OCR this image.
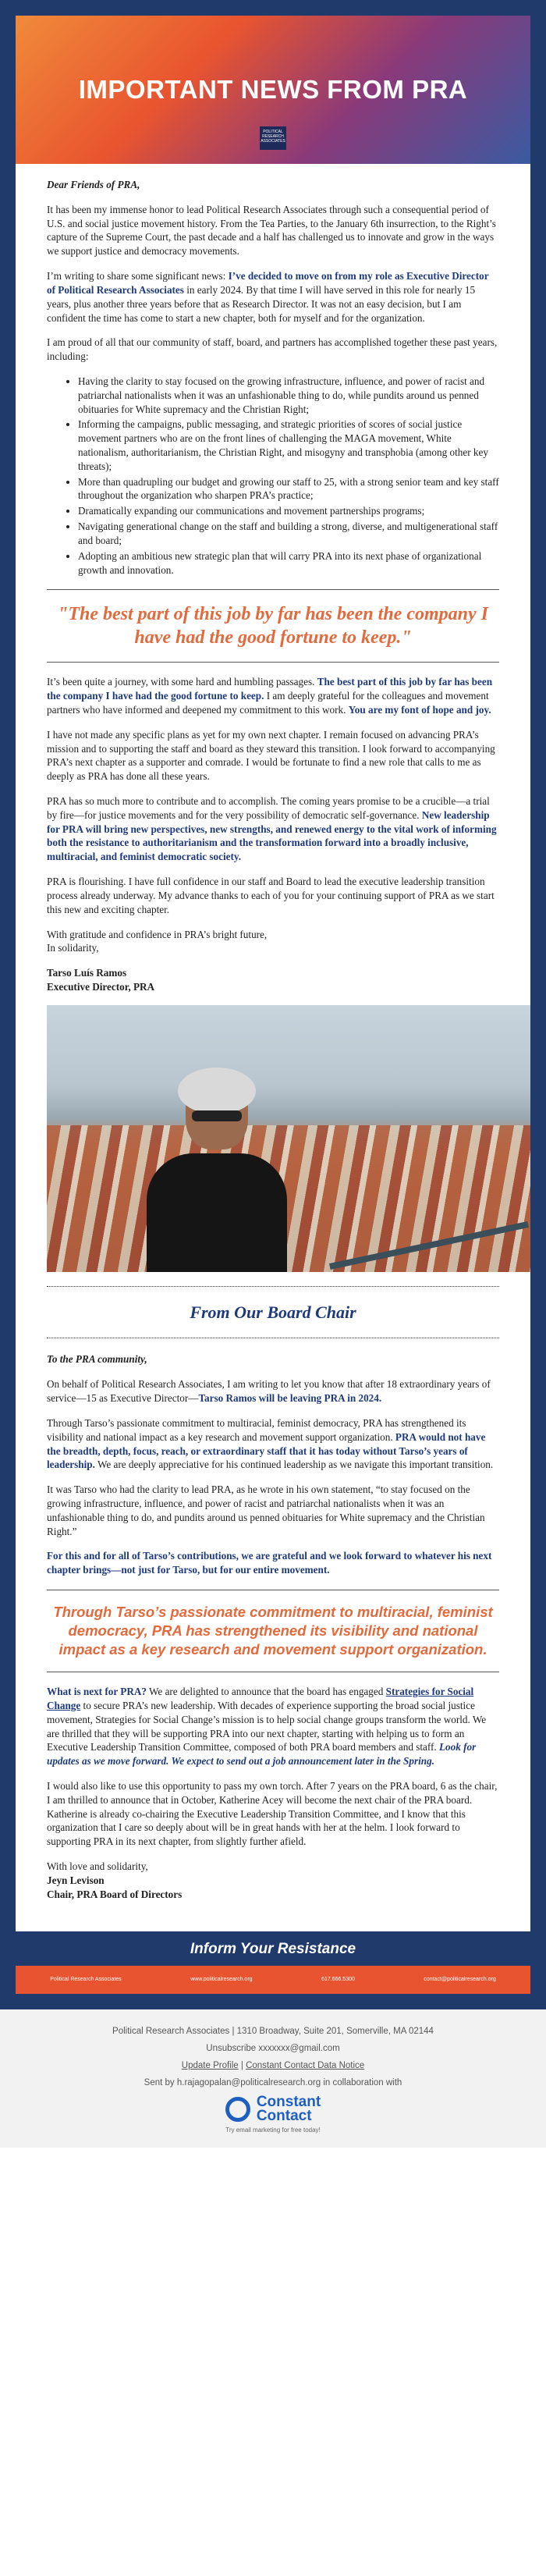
IMPORTANT NEWS FROM PRA
POLITICAL RESEARCH ASSOCIATES

Dear Friends of PRA,

It has been my immense honor to lead Political Research Associates through such a consequential period of U.S. and social justice movement history. From the Tea Parties, to the January 6th insurrection, to the Right’s capture of the Supreme Court, the past decade and a half has challenged us to innovate and grow in the ways we support justice and democracy movements.

I’m writing to share some significant news: I’ve decided to move on from my role as Executive Director of Political Research Associates in early 2024. By that time I will have served in this role for nearly 15 years, plus another three years before that as Research Director. It was not an easy decision, but I am confident the time has come to start a new chapter, both for myself and for the organization.

I am proud of all that our community of staff, board, and partners has accomplished together these past years, including:

• Having the clarity to stay focused on the growing infrastructure, influence, and power of racist and patriarchal nationalists when it was an unfashionable thing to do, while pundits around us penned obituaries for White supremacy and the Christian Right;
• Informing the campaigns, public messaging, and strategic priorities of scores of social justice movement partners who are on the front lines of challenging the MAGA movement, White nationalism, authoritarianism, the Christian Right, and misogyny and transphobia (among other key threats);
• More than quadrupling our budget and growing our staff to 25, with a strong senior team and key staff throughout the organization who sharpen PRA’s practice;
• Dramatically expanding our communications and movement partnerships programs;
• Navigating generational change on the staff and building a strong, diverse, and multigenerational staff and board;
• Adopting an ambitious new strategic plan that will carry PRA into its next phase of organizational growth and innovation.

"The best part of this job by far has been the company I have had the good fortune to keep."

It’s been quite a journey, with some hard and humbling passages. The best part of this job by far has been the company I have had the good fortune to keep. I am deeply grateful for the colleagues and movement partners who have informed and deepened my commitment to this work. You are my font of hope and joy.

I have not made any specific plans as yet for my own next chapter. I remain focused on advancing PRA’s mission and to supporting the staff and board as they steward this transition. I look forward to accompanying PRA’s next chapter as a supporter and comrade. I would be fortunate to find a new role that calls to me as deeply as PRA has done all these years.

PRA has so much more to contribute and to accomplish. The coming years promise to be a crucible—a trial by fire—for justice movements and for the very possibility of democratic self-governance. New leadership for PRA will bring new perspectives, new strengths, and renewed energy to the vital work of informing both the resistance to authoritarianism and the transformation forward into a broadly inclusive, multiracial, and feminist democratic society.

PRA is flourishing. I have full confidence in our staff and Board to lead the executive leadership transition process already underway. My advance thanks to each of you for your continuing support of PRA as we start this new and exciting chapter.

With gratitude and confidence in PRA’s bright future,
In solidarity,

Tarso Luís Ramos
Executive Director, PRA

From Our Board Chair

To the PRA community,

On behalf of Political Research Associates, I am writing to let you know that after 18 extraordinary years of service—15 as Executive Director—Tarso Ramos will be leaving PRA in 2024.

Through Tarso’s passionate commitment to multiracial, feminist democracy, PRA has strengthened its visibility and national impact as a key research and movement support organization. PRA would not have the breadth, depth, focus, reach, or extraordinary staff that it has today without Tarso’s years of leadership. We are deeply appreciative for his continued leadership as we navigate this important transition.

It was Tarso who had the clarity to lead PRA, as he wrote in his own statement, “to stay focused on the growing infrastructure, influence, and power of racist and patriarchal nationalists when it was an unfashionable thing to do, and pundits around us penned obituaries for White supremacy and the Christian Right.”

For this and for all of Tarso’s contributions, we are grateful and we look forward to whatever his next chapter brings—not just for Tarso, but for our entire movement.

Through Tarso’s passionate commitment to multiracial, feminist democracy, PRA has strengthened its visibility and national impact as a key research and movement support organization.

What is next for PRA? We are delighted to announce that the board has engaged Strategies for Social Change to secure PRA’s new leadership. With decades of experience supporting the broad social justice movement, Strategies for Social Change’s mission is to help social change groups transform the world. We are thrilled that they will be supporting PRA into our next chapter, starting with helping us to form an Executive Leadership Transition Committee, composed of both PRA board members and staff. Look for updates as we move forward. We expect to send out a job announcement later in the Spring.

I would also like to use this opportunity to pass my own torch. After 7 years on the PRA board, 6 as the chair, I am thrilled to announce that in October, Katherine Acey will become the next chair of the PRA board. Katherine is already co-chairing the Executive Leadership Transition Committee, and I know that this organization that I care so deeply about will be in great hands with her at the helm. I look forward to supporting PRA in its next chapter, from slightly further afield.

With love and solidarity,
Jeyn Levison
Chair, PRA Board of Directors
Inform Your Resistance
Political Research Associates	www.politicalresearch.org	617.666.5300	contact@politicalresearch.org

Political Research Associates | 1310 Broadway, Suite 201, Somerville, MA 02144

Unsubscribe xxxxxxx@gmail.com

Update Profile | Constant Contact Data Notice

Sent by h.rajagopalan@politicalresearch.org in collaboration with

Constant
Contact
Try email marketing for free today!
